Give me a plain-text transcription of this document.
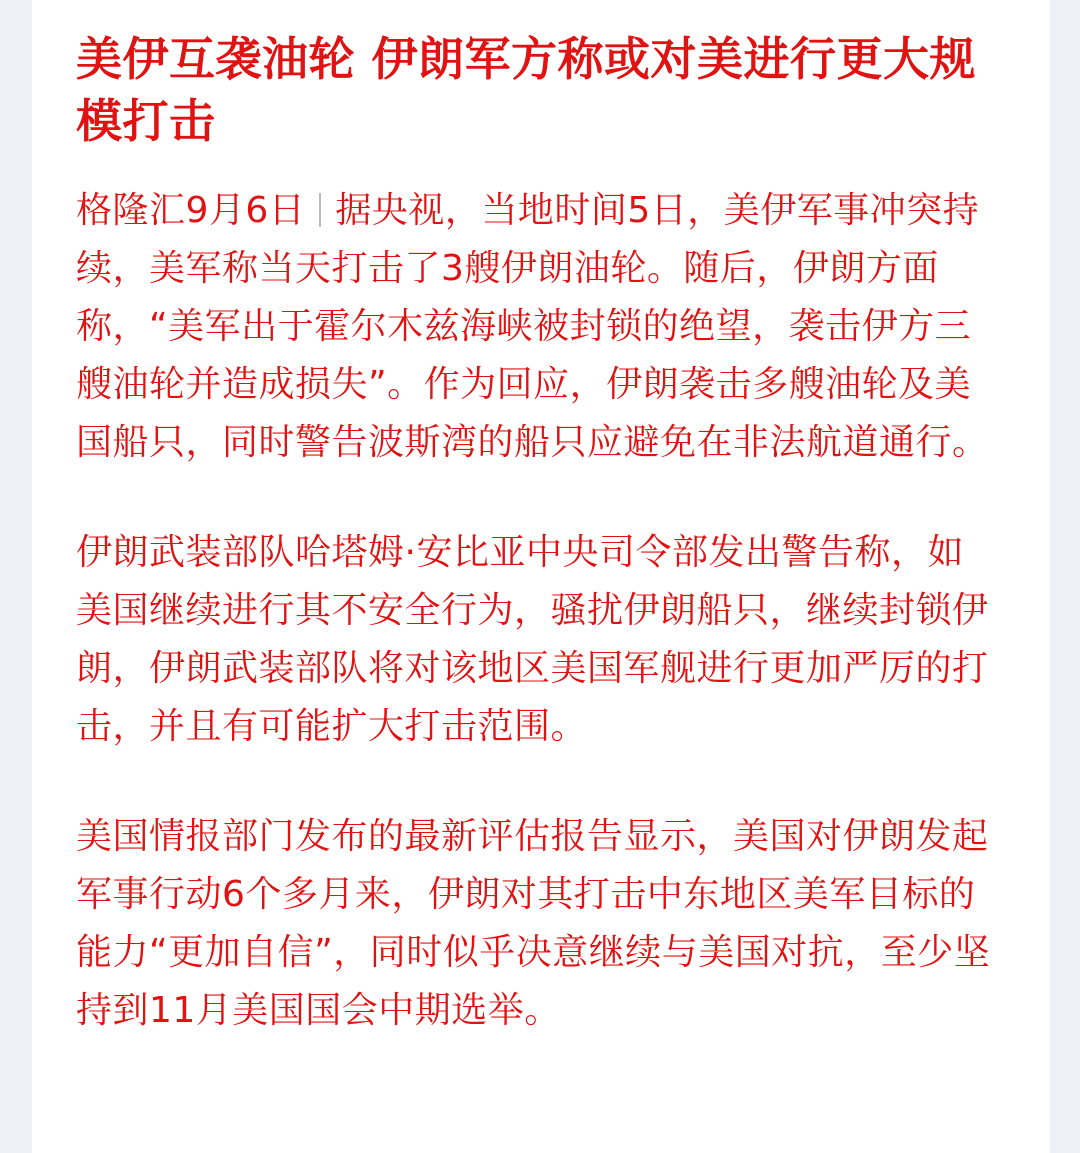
美伊互袭油轮 伊朗军方称或对美进行更大规模打击

格隆汇9月6日 据央视，当地时间5日，美伊军事冲突持续，美军称当天打击了3艘伊朗油轮。随后，伊朗方面称，“美军出于霍尔木兹海峡被封锁的绝望，袭击伊方三艘油轮并造成损失”。作为回应，伊朗袭击多艘油轮及美国船只，同时警告波斯湾的船只应避免在非法航道通行。

伊朗武装部队哈塔姆·安比亚中央司令部发出警告称，如美国继续进行其不安全行为，骚扰伊朗船只，继续封锁伊朗，伊朗武装部队将对该地区美国军舰进行更加严厉的打击，并且有可能扩大打击范围。

美国情报部门发布的最新评估报告显示，美国对伊朗发起军事行动6个多月来，伊朗对其打击中东地区美军目标的能力“更加自信”，同时似乎决意继续与美国对抗，至少坚持到11月美国国会中期选举。
